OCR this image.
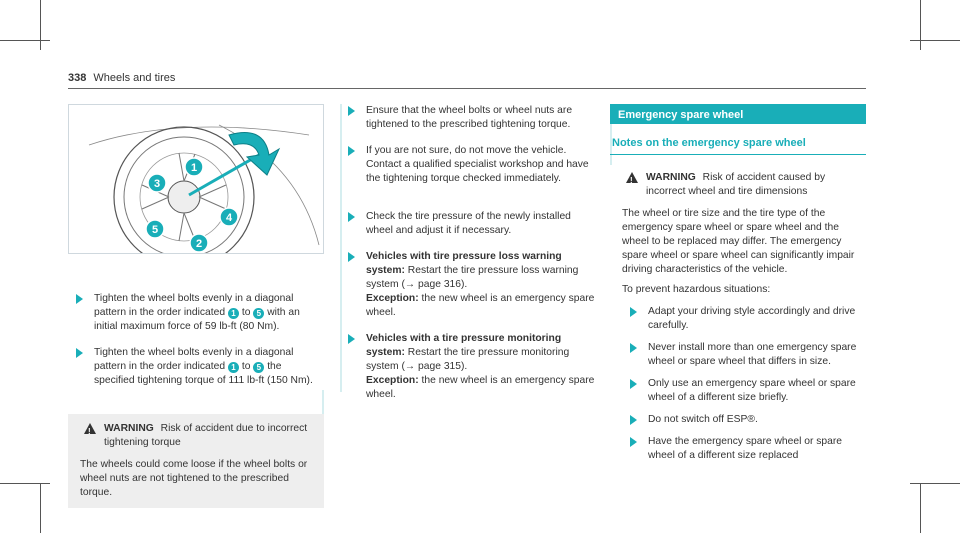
338 Wheels and tires
1
2
3
4
5
Tighten the wheel bolts evenly in a diagonal pattern in the order indicated 1 to 5 with an initial maximum force of 59 lb-ft (80 Nm).
Tighten the wheel bolts evenly in a diagonal pattern in the order indicated 1 to 5 the specified tightening torque of 111 lb-ft (150 Nm).
!
WARNING Risk of accident due to incorrect tightening torque
The wheels could come loose if the wheel bolts or wheel nuts are not tightened to the prescribed torque.
Ensure that the wheel bolts or wheel nuts are tightened to the prescribed tightening torque.
If you are not sure, do not move the vehicle. Contact a qualified specialist workshop and have the tightening torque checked immediately.
Check the tire pressure of the newly installed wheel and adjust it if necessary.
Vehicles with tire pressure loss warning system: Restart the tire pressure loss warning system (→ page 316).
Exception: the new wheel is an emergency spare wheel.
Vehicles with a tire pressure monitoring system: Restart the tire pressure monitoring system (→ page 315).
Exception: the new wheel is an emergency spare wheel.
Emergency spare wheel
Notes on the emergency spare wheel
!
WARNING Risk of accident caused by incorrect wheel and tire dimensions
The wheel or tire size and the tire type of the emergency spare wheel or spare wheel and the wheel to be replaced may differ. The emergency spare wheel or spare wheel can significantly impair driving characteristics of the vehicle.
To prevent hazardous situations:
Adapt your driving style accordingly and drive carefully.
Never install more than one emergency spare wheel or spare wheel that differs in size.
Only use an emergency spare wheel or spare wheel of a different size briefly.
Do not switch off ESP®.
Have the emergency spare wheel or spare wheel of a different size replaced
